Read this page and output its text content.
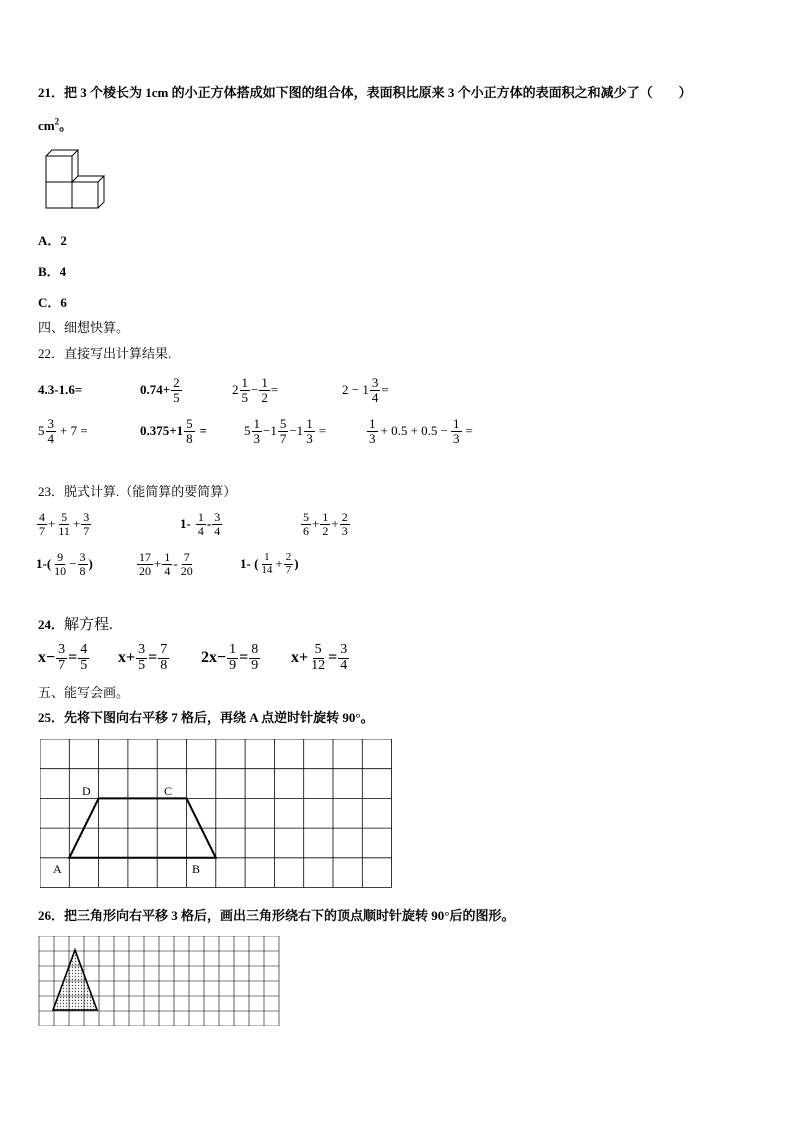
21．把 3 个棱长为 1cm 的小正方体搭成如下图的组合体，表面积比原来 3 个小正方体的表面积之和减少了（　　）
$cm^2$。
A．2
B．4
C．6
四、细想快算。
22．直接写出计算结果.
4.3-1.6=	$0.74+ \frac{2}{5}$	$2 \frac{1}{5} - \frac{1}{2}$ =	$2 - 1 \frac{3}{4}$ =
$5 \frac{3}{4} + 7$ =	$0.375+1 \frac{5}{8}$ =	$5 \frac{1}{3} -1 \frac{5}{7} -1 \frac{1}{3}$ =	$\frac{1}{3} + 0.5 + 0.5 - \frac{1}{3}$ =
23．脱式计算.（能简算的要简算）
$\frac{4}{7} + \frac{5}{11} + \frac{3}{7}$	$1- \frac{1}{4} - \frac{3}{4}$	$\frac{5}{6} + \frac{1}{2} + \frac{2}{3}$
$1-( \frac{9}{10} - \frac{3}{8}$ )	$\frac{17}{20} + \frac{1}{4} - \frac{7}{20}$	1- ( $\frac{1}{14} + \frac{2}{7}$ )
24．解方程.
$x- \frac{3}{7} = \frac{4}{5} x+ \frac{3}{5} = \frac{7}{8} 2x- \frac{1}{9} = \frac{8}{9} x+ \frac{5}{12} = \frac{3}{4}$
五、能写会画。
25．先将下图向右平移 7 格后，再绕 A 点逆时针旋转 90°。
A	B
C
D
26．把三角形向右平移 3 格后，画出三角形绕右下的顶点顺时针旋转 90°后的图形。
